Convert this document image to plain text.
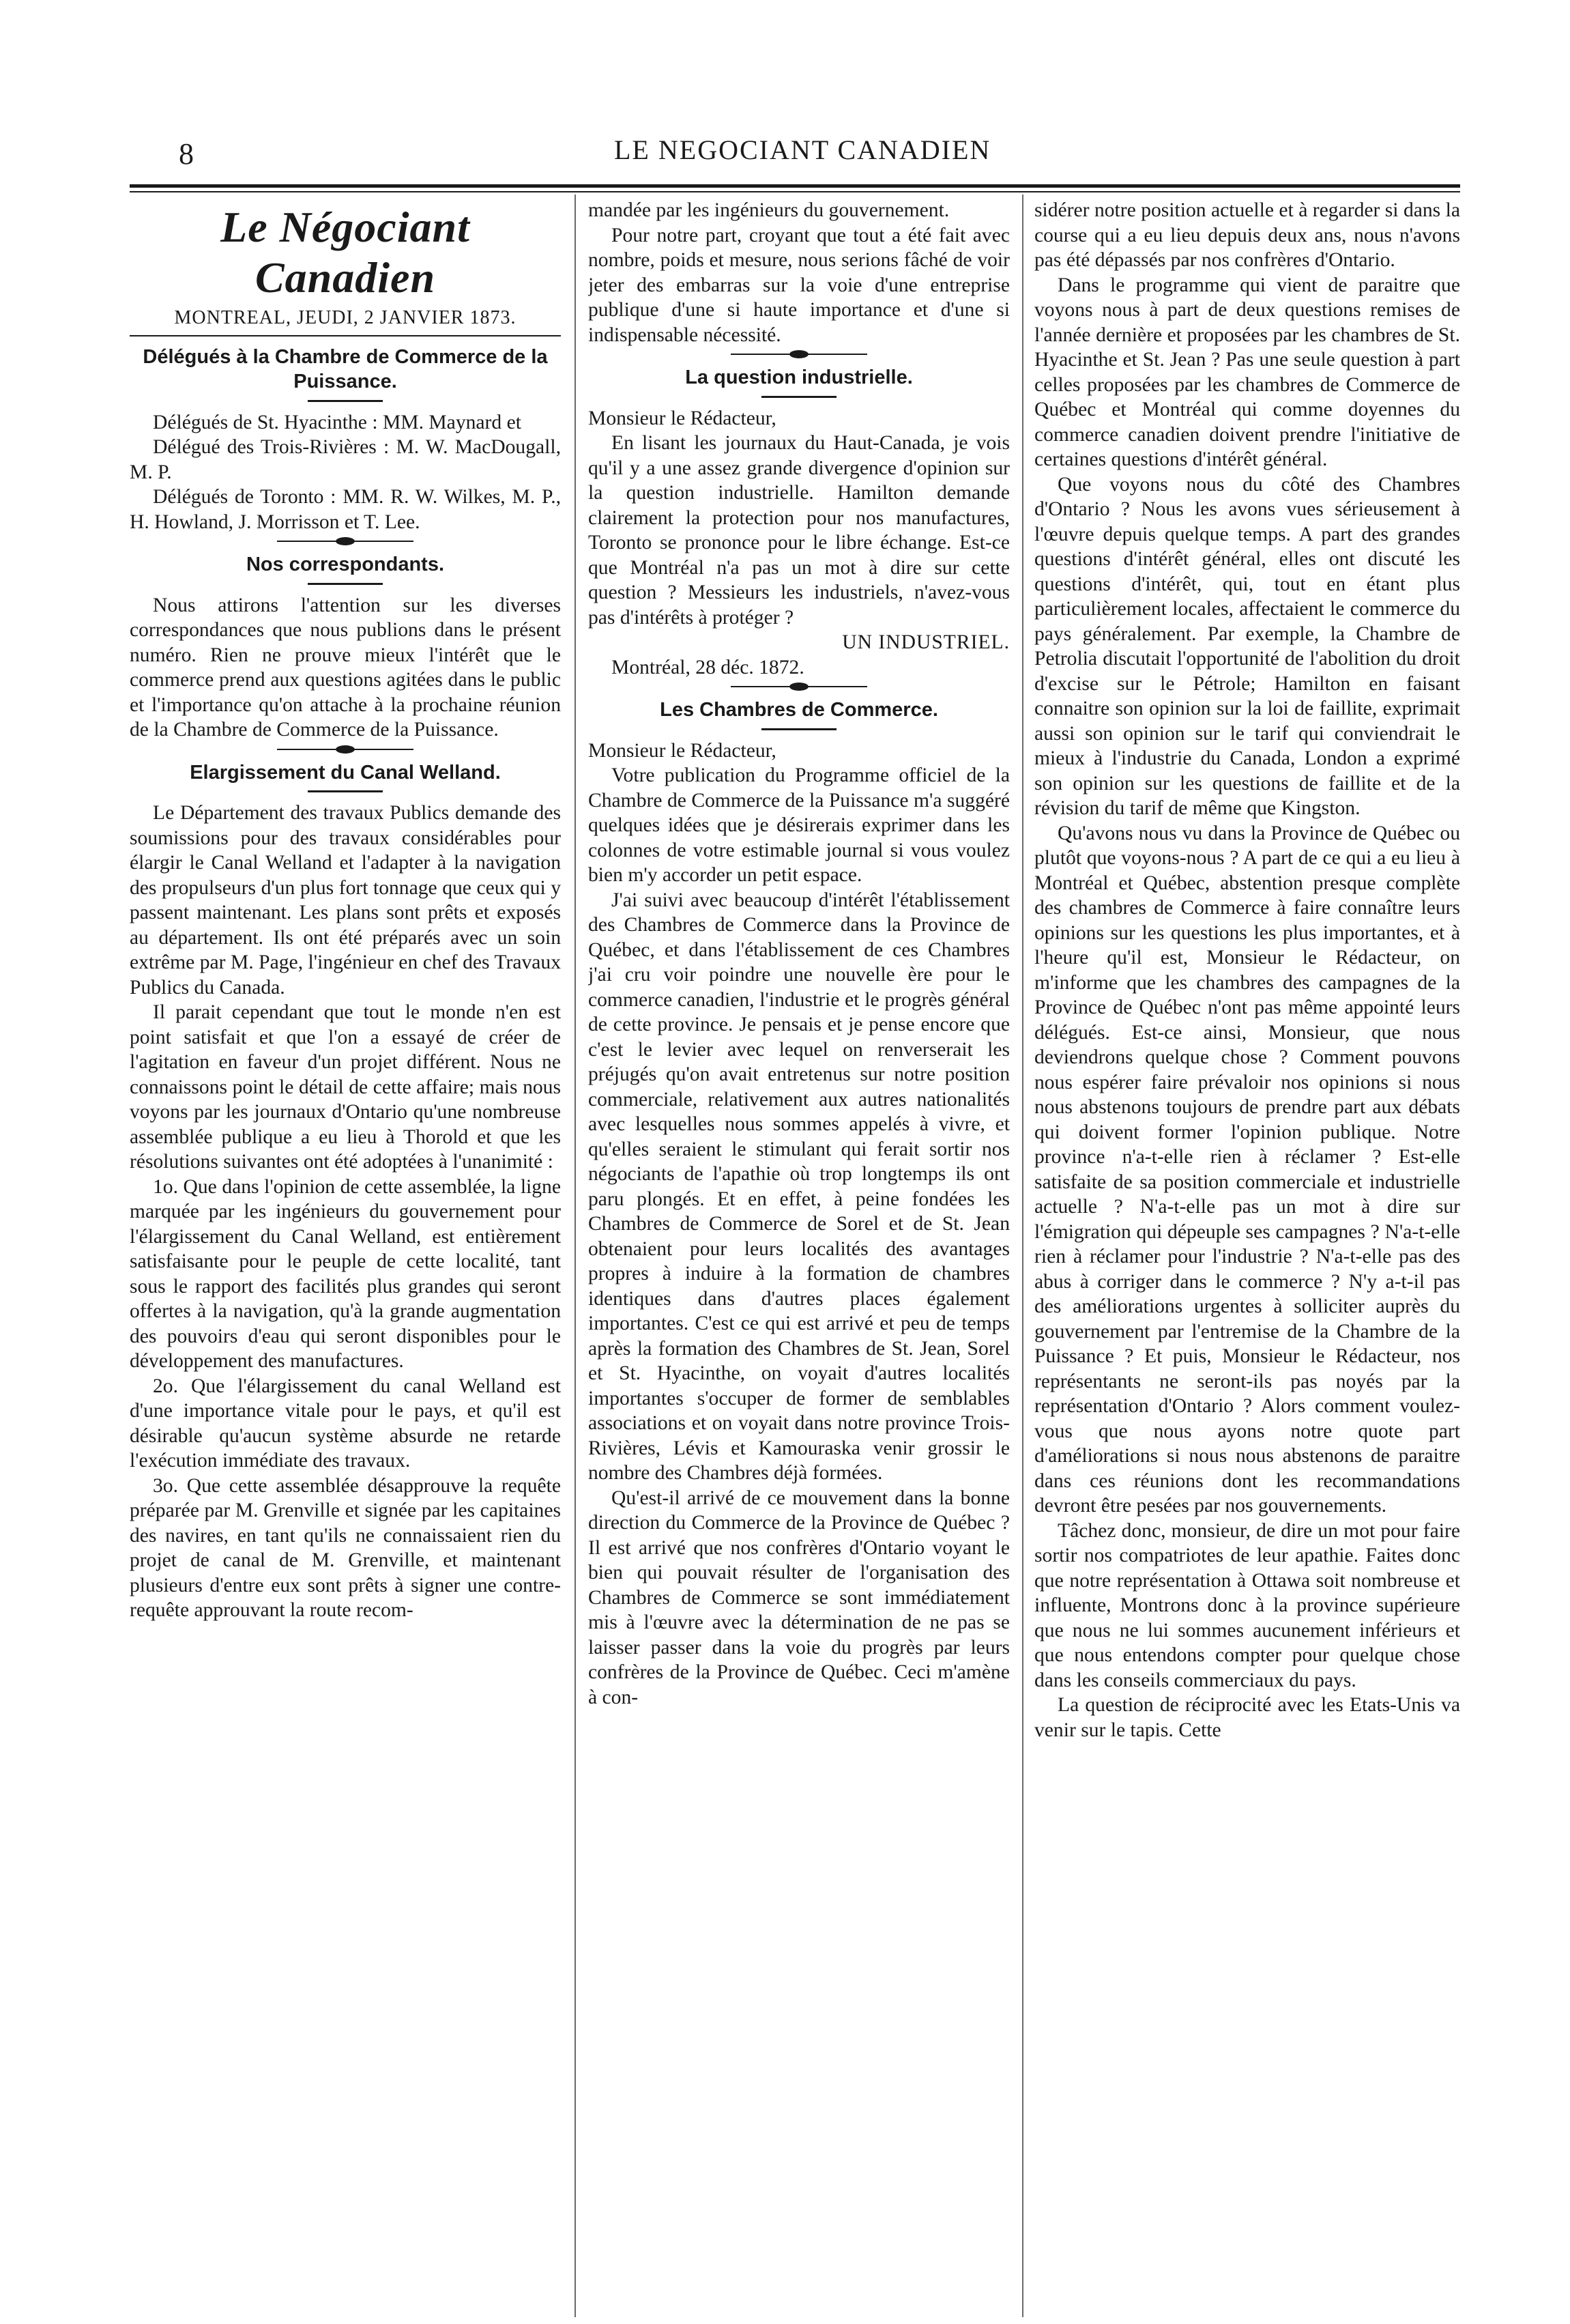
8	LE NEGOCIANT CANADIEN
Le Négociant Canadien
MONTREAL, JEUDI, 2 JANVIER 1873.
Délégués à la Chambre de Commerce de la Puissance.

Délégués de St. Hyacinthe : MM. Maynard et

Délégué des Trois-Rivières : M. W. MacDougall, M. P.

Délégués de Toronto : MM. R. W. Wilkes, M. P., H. Howland, J. Morrisson et T. Lee.

Nos correspondants.

Nous attirons l'attention sur les diverses correspondances que nous publions dans le présent numéro. Rien ne prouve mieux l'intérêt que le commerce prend aux questions agitées dans le public et l'importance qu'on attache à la prochaine réunion de la Chambre de Commerce de la Puissance.

Elargissement du Canal Welland.

Le Département des travaux Publics demande des soumissions pour des travaux considérables pour élargir le Canal Welland et l'adapter à la navigation des propulseurs d'un plus fort tonnage que ceux qui y passent maintenant. Les plans sont prêts et exposés au département. Ils ont été préparés avec un soin extrême par M. Page, l'ingénieur en chef des Travaux Publics du Canada.

Il parait cependant que tout le monde n'en est point satisfait et que l'on a essayé de créer de l'agitation en faveur d'un projet différent. Nous ne connaissons point le détail de cette affaire; mais nous voyons par les journaux d'Ontario qu'une nombreuse assemblée publique a eu lieu à Thorold et que les résolutions suivantes ont été adoptées à l'unanimité :

1o. Que dans l'opinion de cette assemblée, la ligne marquée par les ingénieurs du gouvernement pour l'élargissement du Canal Welland, est entièrement satisfaisante pour le peuple de cette localité, tant sous le rapport des facilités plus grandes qui seront offertes à la navigation, qu'à la grande augmentation des pouvoirs d'eau qui seront disponibles pour le développement des manufactures.

2o. Que l'élargissement du canal Welland est d'une importance vitale pour le pays, et qu'il est désirable qu'aucun système absurde ne retarde l'exécution immédiate des travaux.

3o. Que cette assemblée désapprouve la requête préparée par M. Grenville et signée par les capitaines des navires, en tant qu'ils ne connaissaient rien du projet de canal de M. Grenville, et maintenant plusieurs d'entre eux sont prêts à signer une contre-requête approuvant la route recom-

mandée par les ingénieurs du gouvernement.

Pour notre part, croyant que tout a été fait avec nombre, poids et mesure, nous serions fâché de voir jeter des embarras sur la voie d'une entreprise publique d'une si haute importance et d'une si indispensable nécessité.

La question industrielle.

Monsieur le Rédacteur,

En lisant les journaux du Haut-Canada, je vois qu'il y a une assez grande divergence d'opinion sur la question industrielle. Hamilton demande clairement la protection pour nos manufactures, Toronto se prononce pour le libre échange. Est-ce que Montréal n'a pas un mot à dire sur cette question ? Messieurs les industriels, n'avez-vous pas d'intérêts à protéger ?

UN INDUSTRIEL.

Montréal, 28 déc. 1872.

Les Chambres de Commerce.

Monsieur le Rédacteur,

Votre publication du Programme officiel de la Chambre de Commerce de la Puissance m'a suggéré quelques idées que je désirerais exprimer dans les colonnes de votre estimable journal si vous voulez bien m'y accorder un petit espace.

J'ai suivi avec beaucoup d'intérêt l'établissement des Chambres de Commerce dans la Province de Québec, et dans l'établissement de ces Chambres j'ai cru voir poindre une nouvelle ère pour le commerce canadien, l'industrie et le progrès général de cette province. Je pensais et je pense encore que c'est le levier avec lequel on renverserait les préjugés qu'on avait entretenus sur notre position commerciale, relativement aux autres nationalités avec lesquelles nous sommes appelés à vivre, et qu'elles seraient le stimulant qui ferait sortir nos négociants de l'apathie où trop longtemps ils ont paru plongés. Et en effet, à peine fondées les Chambres de Commerce de Sorel et de St. Jean obtenaient pour leurs localités des avantages propres à induire à la formation de chambres identiques dans d'autres places également importantes. C'est ce qui est arrivé et peu de temps après la formation des Chambres de St. Jean, Sorel et St. Hyacinthe, on voyait d'autres localités importantes s'occuper de former de semblables associations et on voyait dans notre province Trois-Rivières, Lévis et Kamouraska venir grossir le nombre des Chambres déjà formées.

Qu'est-il arrivé de ce mouvement dans la bonne direction du Commerce de la Province de Québec ? Il est arrivé que nos confrères d'Ontario voyant le bien qui pouvait résulter de l'organisation des Chambres de Commerce se sont immédiatement mis à l'œuvre avec la détermination de ne pas se laisser passer dans la voie du progrès par leurs confrères de la Province de Québec. Ceci m'amène à con-

sidérer notre position actuelle et à regarder si dans la course qui a eu lieu depuis deux ans, nous n'avons pas été dépassés par nos confrères d'Ontario.

Dans le programme qui vient de paraitre que voyons nous à part de deux questions remises de l'année dernière et proposées par les chambres de St. Hyacinthe et St. Jean ? Pas une seule question à part celles proposées par les chambres de Commerce de Québec et Montréal qui comme doyennes du commerce canadien doivent prendre l'initiative de certaines questions d'intérêt général.

Que voyons nous du côté des Chambres d'Ontario ? Nous les avons vues sérieusement à l'œuvre depuis quelque temps. A part des grandes questions d'intérêt général, elles ont discuté les questions d'intérêt, qui, tout en étant plus particulièrement locales, affectaient le commerce du pays généralement. Par exemple, la Chambre de Petrolia discutait l'opportunité de l'abolition du droit d'excise sur le Pétrole; Hamilton en faisant connaitre son opinion sur la loi de faillite, exprimait aussi son opinion sur le tarif qui conviendrait le mieux à l'industrie du Canada, London a exprimé son opinion sur les questions de faillite et de la révision du tarif de même que Kingston.

Qu'avons nous vu dans la Province de Québec ou plutôt que voyons-nous ? A part de ce qui a eu lieu à Montréal et Québec, abstention presque complète des chambres de Commerce à faire connaître leurs opinions sur les questions les plus importantes, et à l'heure qu'il est, Monsieur le Rédacteur, on m'informe que les chambres des campagnes de la Province de Québec n'ont pas même appointé leurs délégués. Est-ce ainsi, Monsieur, que nous deviendrons quelque chose ? Comment pouvons nous espérer faire prévaloir nos opinions si nous nous abstenons toujours de prendre part aux débats qui doivent former l'opinion publique. Notre province n'a-t-elle rien à réclamer ? Est-elle satisfaite de sa position commerciale et industrielle actuelle ? N'a-t-elle pas un mot à dire sur l'émigration qui dépeuple ses campagnes ? N'a-t-elle rien à réclamer pour l'industrie ? N'a-t-elle pas des abus à corriger dans le commerce ? N'y a-t-il pas des améliorations urgentes à solliciter auprès du gouvernement par l'entremise de la Chambre de la Puissance ? Et puis, Monsieur le Rédacteur, nos représentants ne seront-ils pas noyés par la représentation d'Ontario ? Alors comment voulez-vous que nous ayons notre quote part d'améliorations si nous nous abstenons de paraitre dans ces réunions dont les recommandations devront être pesées par nos gouvernements.

Tâchez donc, monsieur, de dire un mot pour faire sortir nos compatriotes de leur apathie. Faites donc que notre représentation à Ottawa soit nombreuse et influente, Montrons donc à la province supérieure que nous ne lui sommes aucunement inférieurs et que nous entendons compter pour quelque chose dans les conseils commerciaux du pays.

La question de réciprocité avec les Etats-Unis va venir sur le tapis. Cette
